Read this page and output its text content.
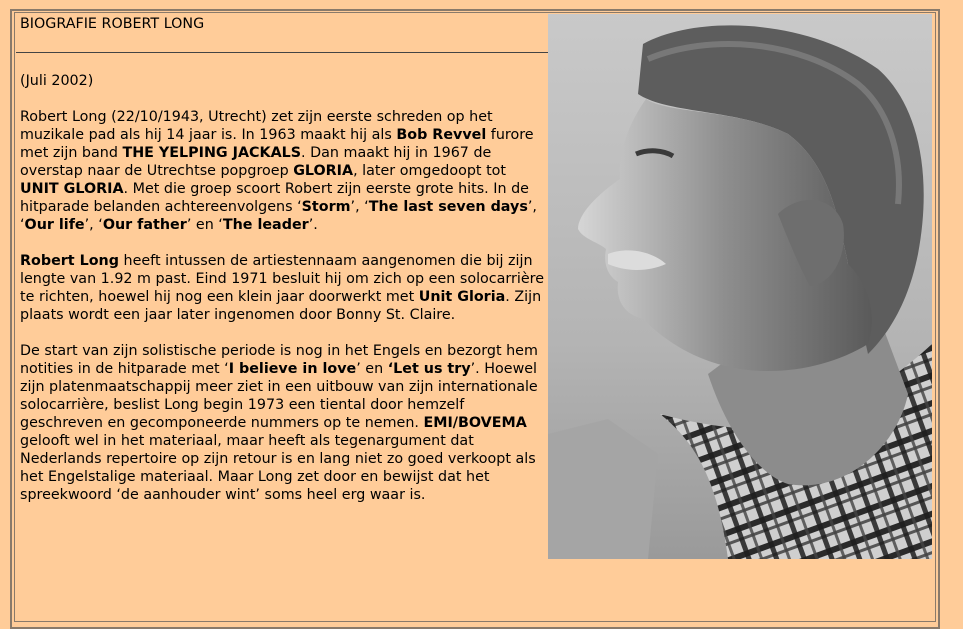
BIOGRAFIE ROBERT LONG

(Juli 2002)

Robert Long (22/10/1943, Utrecht) zet zijn eerste schreden op het muzikale pad als hij 14 jaar is. In 1963 maakt hij als Bob Revvel furore met zijn band THE YELPING JACKALS. Dan maakt hij in 1967 de overstap naar de Utrechtse popgroep GLORIA, later omgedoopt tot UNIT GLORIA. Met die groep scoort Robert zijn eerste grote hits. In de hitparade belanden achtereenvolgens ‘Storm’, ‘The last seven days’, ‘Our life’, ‘Our father’ en ‘The leader’.

Robert Long heeft intussen de artiestennaam aangenomen die bij zijn lengte van 1.92 m past. Eind 1971 besluit hij om zich op een solocarrière te richten, hoewel hij nog een klein jaar doorwerkt met Unit Gloria. Zijn plaats wordt een jaar later ingenomen door Bonny St. Claire.

De start van zijn solistische periode is nog in het Engels en bezorgt hem notities in de hitparade met ‘I believe in love’ en ‘Let us try’. Hoewel zijn platenmaatschappij meer ziet in een uitbouw van zijn internationale solocarrière, beslist Long begin 1973 een tiental door hemzelf geschreven en gecomponeerde nummers op te nemen. EMI/BOVEMA gelooft wel in het materiaal, maar heeft als tegenargument dat Nederlands repertoire op zijn retour is en lang niet zo goed verkoopt als het Engelstalige materiaal. Maar Long zet door en bewijst dat het spreekwoord ‘de aanhouder wint’ soms heel erg waar is.
